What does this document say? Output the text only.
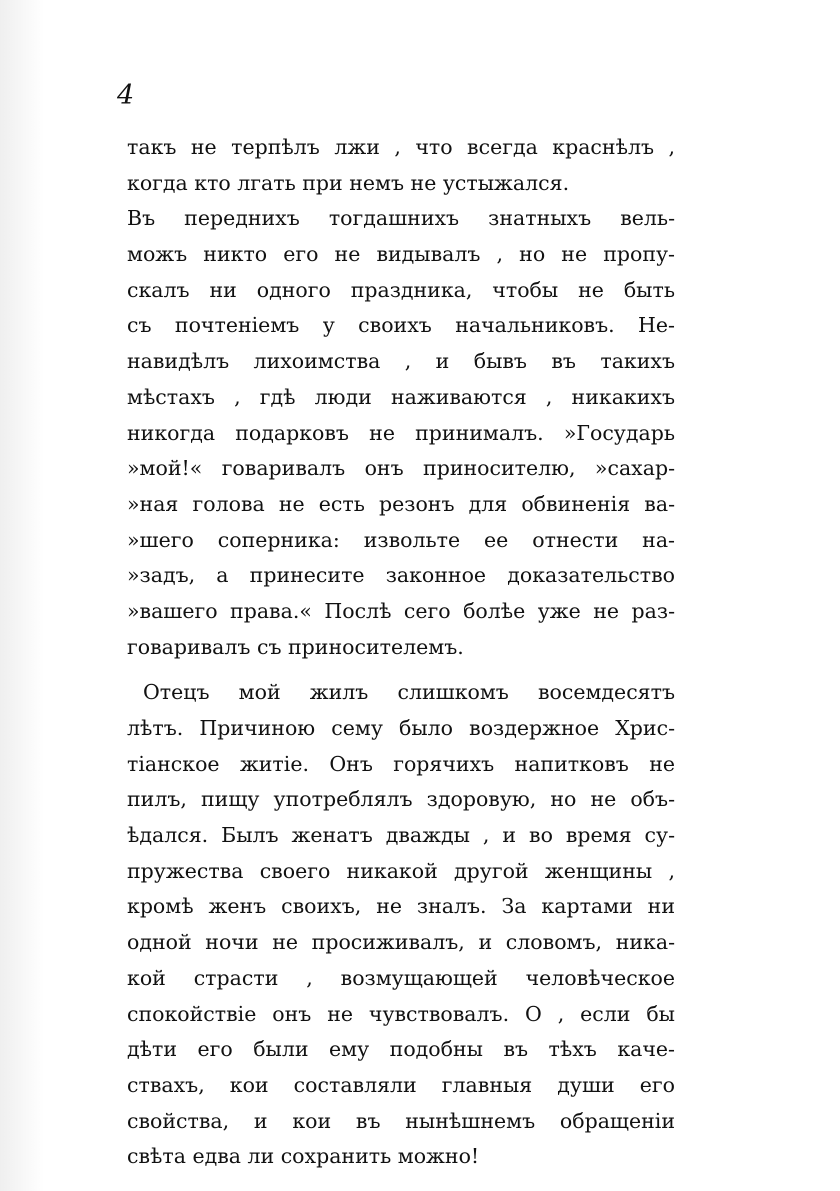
4
такъ не терпѣлъ лжи , что всегда краснѣлъ ,
когда кто лгать при немъ не устыжался.
Въ переднихъ тогдашнихъ знатныхъ вель-
можъ никто его не видывалъ , но не пропу-
скалъ ни одного праздника, чтобы не быть
съ почтеніемъ у своихъ начальниковъ. Не-
навидѣлъ лихоимства , и бывъ въ такихъ
мѣстахъ , гдѣ люди наживаются , никакихъ
никогда подарковъ не принималъ. »Государь
»мой!« говаривалъ онъ приносителю, »сахар-
»ная голова не есть резонъ для обвиненія ва-
»шего соперника: извольте ее отнести на-
»задъ, а принесите законное доказательство
»вашего права.« Послѣ сего болѣе уже не раз-
говаривалъ съ приносителемъ.
Отецъ мой жилъ слишкомъ восемдесятъ
лѣтъ. Причиною сему было воздержное Хрис-
тіанское житіе. Онъ горячихъ напитковъ не
пилъ, пищу употреблялъ здоровую, но не объ-
ѣдался. Былъ женатъ дважды , и во время су-
пружества своего никакой другой женщины ,
кромѣ женъ своихъ, не зналъ. За картами ни
одной ночи не просиживалъ, и словомъ, ника-
кой страсти , возмущающей человѣческое
спокойствіе онъ не чувствовалъ. О , если бы
дѣти его были ему подобны въ тѣхъ каче-
ствахъ, кои составляли главныя души его
свойства, и кои въ нынѣшнемъ обращеніи
свѣта едва ли сохранить можно!
